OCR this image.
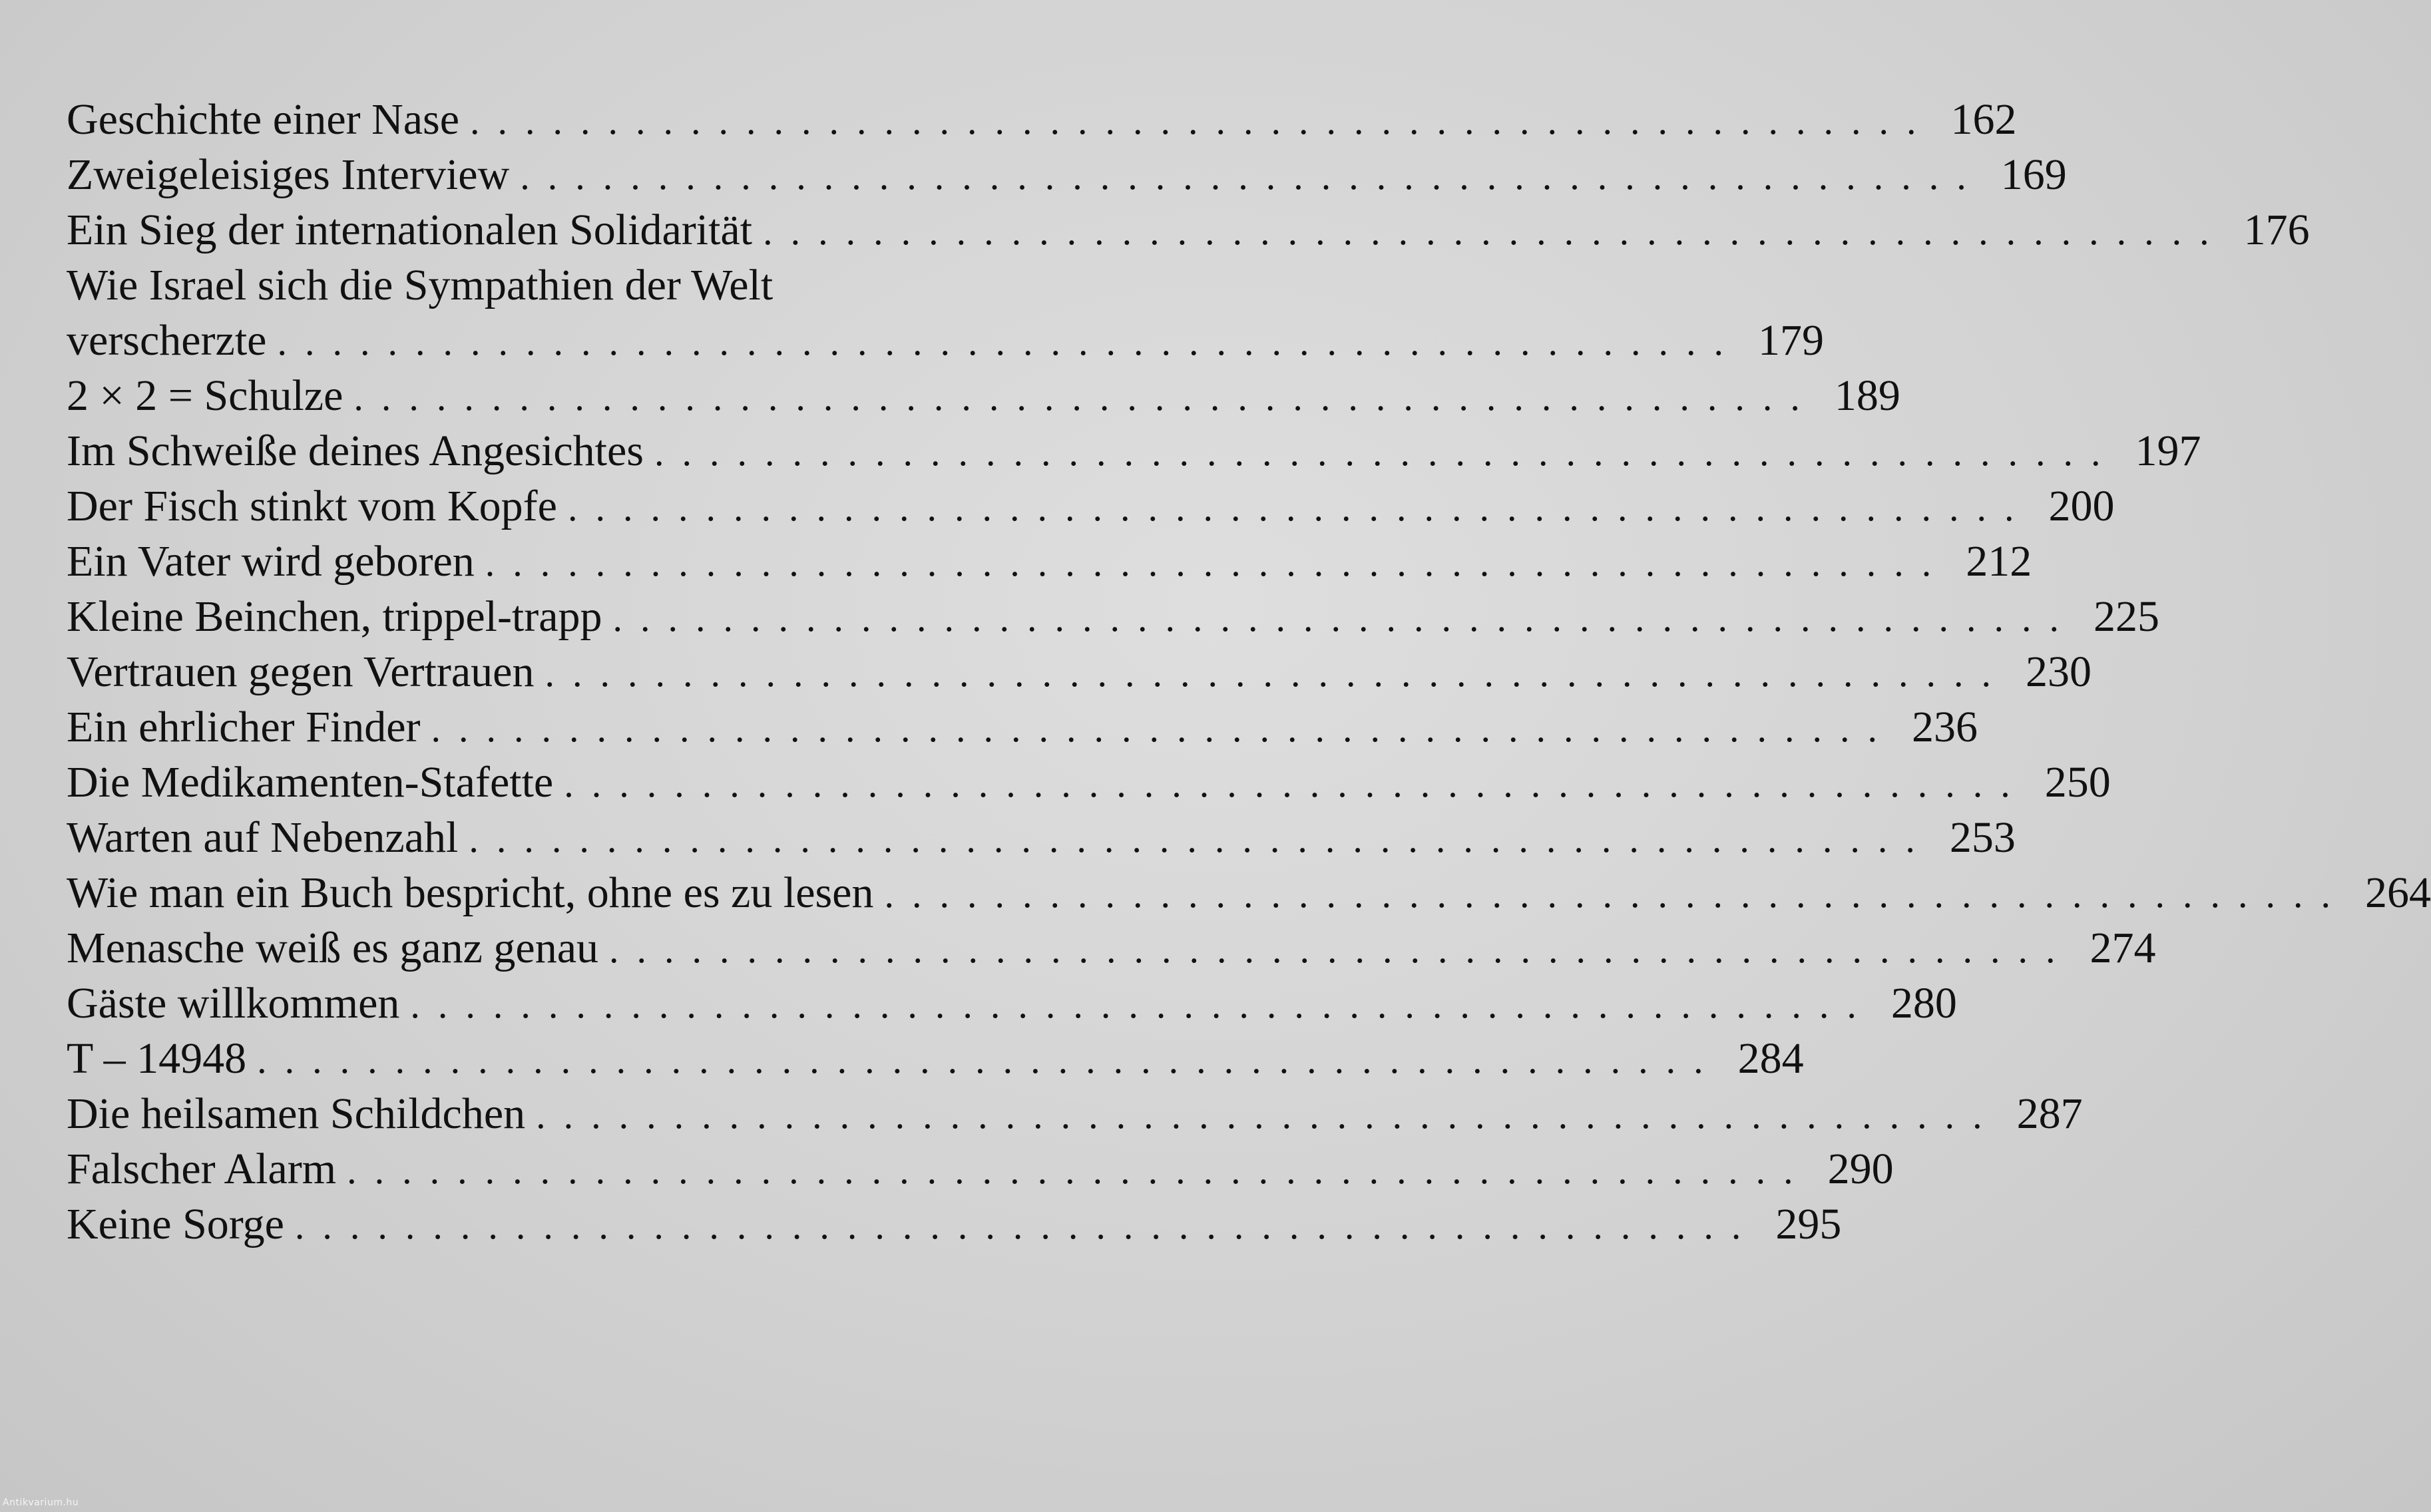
Geschichte einer Nase ..................................................... 162
Zweigeleisiges Interview ..................................................... 169
Ein Sieg der internationalen Solidarität ..................................................... 176
Wie Israel sich die Sympathien der Welt
verscherzte ..................................................... 179
2 × 2 = Schulze ..................................................... 189
Im Schweiße deines Angesichtes ..................................................... 197
Der Fisch stinkt vom Kopfe ..................................................... 200
Ein Vater wird geboren ..................................................... 212
Kleine Beinchen, trippel-trapp ..................................................... 225
Vertrauen gegen Vertrauen ..................................................... 230
Ein ehrlicher Finder ..................................................... 236
Die Medikamenten-Stafette ..................................................... 250
Warten auf Nebenzahl ..................................................... 253
Wie man ein Buch bespricht, ohne es zu lesen ..................................................... 264
Menasche weiß es ganz genau ..................................................... 274
Gäste willkommen ..................................................... 280
T – 14948 ..................................................... 284
Die heilsamen Schildchen ..................................................... 287
Falscher Alarm ..................................................... 290
Keine Sorge ..................................................... 295
Antikvarium.hu
